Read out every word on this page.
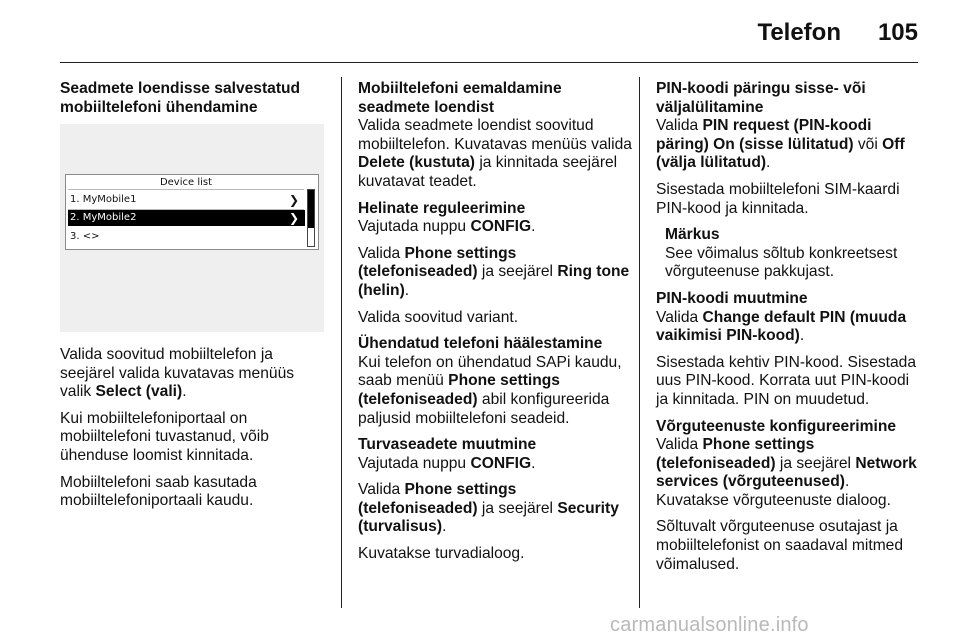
Telefon 105
Seadmete loendisse salvestatud mobiiltelefoni ühendamine
Device list
1. MyMobile1	❯
2. MyMobile2	❯
3. <>

Valida soovitud mobiiltelefon ja seejärel valida kuvatavas menüüs valik Select (vali).

Kui mobiiltelefoniportaal on mobiiltelefoni tuvastanud, võib ühenduse loomist kinnitada.

Mobiiltelefoni saab kasutada mobiiltelefoniportaali kaudu.

Mobiiltelefoni eemaldamine seadmete loendist
Valida seadmete loendist soovitud mobiiltelefon. Kuvatavas menüüs valida Delete (kustuta) ja kinnitada seejärel kuvatavat teadet.
Helinate reguleerimine

Vajutada nuppu CONFIG.

Valida Phone settings (telefoniseaded) ja seejärel Ring tone (helin).

Valida soovitud variant.

Ühendatud telefoni häälestamine
Kui telefon on ühendatud SAPi kaudu, saab menüü Phone settings (telefoniseaded) abil konfigureerida paljusid mobiiltelefoni seadeid.
Turvaseadete muutmine

Vajutada nuppu CONFIG.

Valida Phone settings (telefoniseaded) ja seejärel Security (turvalisus).

Kuvatakse turvadialoog.

PIN-koodi päringu sisse- või väljalülitamine

Valida PIN request (PIN-koodi päring) On (sisse lülitatud) või Off (välja lülitatud).

Sisestada mobiiltelefoni SIM-kaardi PIN-kood ja kinnitada.

Märkus
See võimalus sõltub konkreetsest võrguteenuse pakkujast.
PIN-koodi muutmine

Valida Change default PIN (muuda vaikimisi PIN-kood).

Sisestada kehtiv PIN-kood. Sisestada uus PIN-kood. Korrata uut PIN-koodi ja kinnitada. PIN on muudetud.

Võrguteenuste konfigureerimine

Valida Phone settings (telefoniseaded) ja seejärel Network services (võrguteenused). Kuvatakse võrguteenuste dialoog.

Sõltuvalt võrguteenuse osutajast ja mobiiltelefonist on saadaval mitmed võimalused.

carmanualsonline.info
